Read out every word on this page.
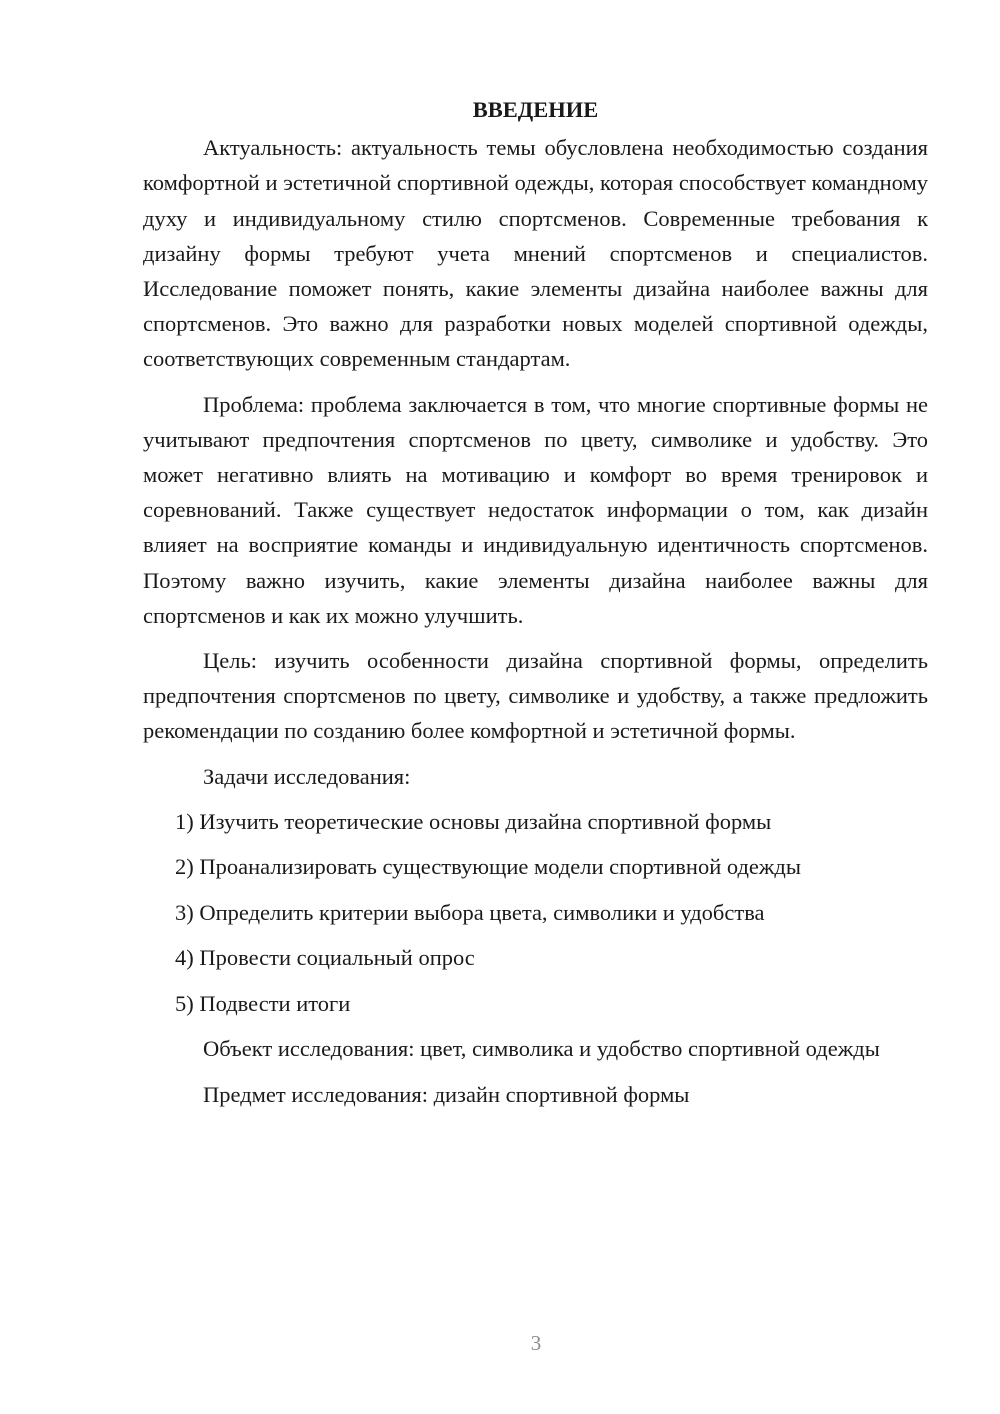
ВВЕДЕНИЕ

Актуальность: актуальность темы обусловлена необходимостью создания комфортной и эстетичной спортивной одежды, которая способствует командному духу и индивидуальному стилю спортсменов. Современные требования к дизайну формы требуют учета мнений спортсменов и специалистов. Исследование поможет понять, какие элементы дизайна наиболее важны для спортсменов. Это важно для разработки новых моделей спортивной одежды, соответствующих современным стандартам.

Проблема: проблема заключается в том, что многие спортивные формы не учитывают предпочтения спортсменов по цвету, символике и удобству. Это может негативно влиять на мотивацию и комфорт во время тренировок и соревнований. Также существует недостаток информации о том, как дизайн влияет на восприятие команды и индивидуальную идентичность спортсменов. Поэтому важно изучить, какие элементы дизайна наиболее важны для спортсменов и как их можно улучшить.

Цель: изучить особенности дизайна спортивной формы, определить предпочтения спортсменов по цвету, символике и удобству, а также предложить рекомендации по созданию более комфортной и эстетичной формы.

Задачи исследования:

1) Изучить теоретические основы дизайна спортивной формы
2) Проанализировать существующие модели спортивной одежды
3) Определить критерии выбора цвета, символики и удобства
4) Провести социальный опрос
5) Подвести итоги

Объект исследования: цвет, символика и удобство спортивной одежды

Предмет исследования: дизайн спортивной формы

3
